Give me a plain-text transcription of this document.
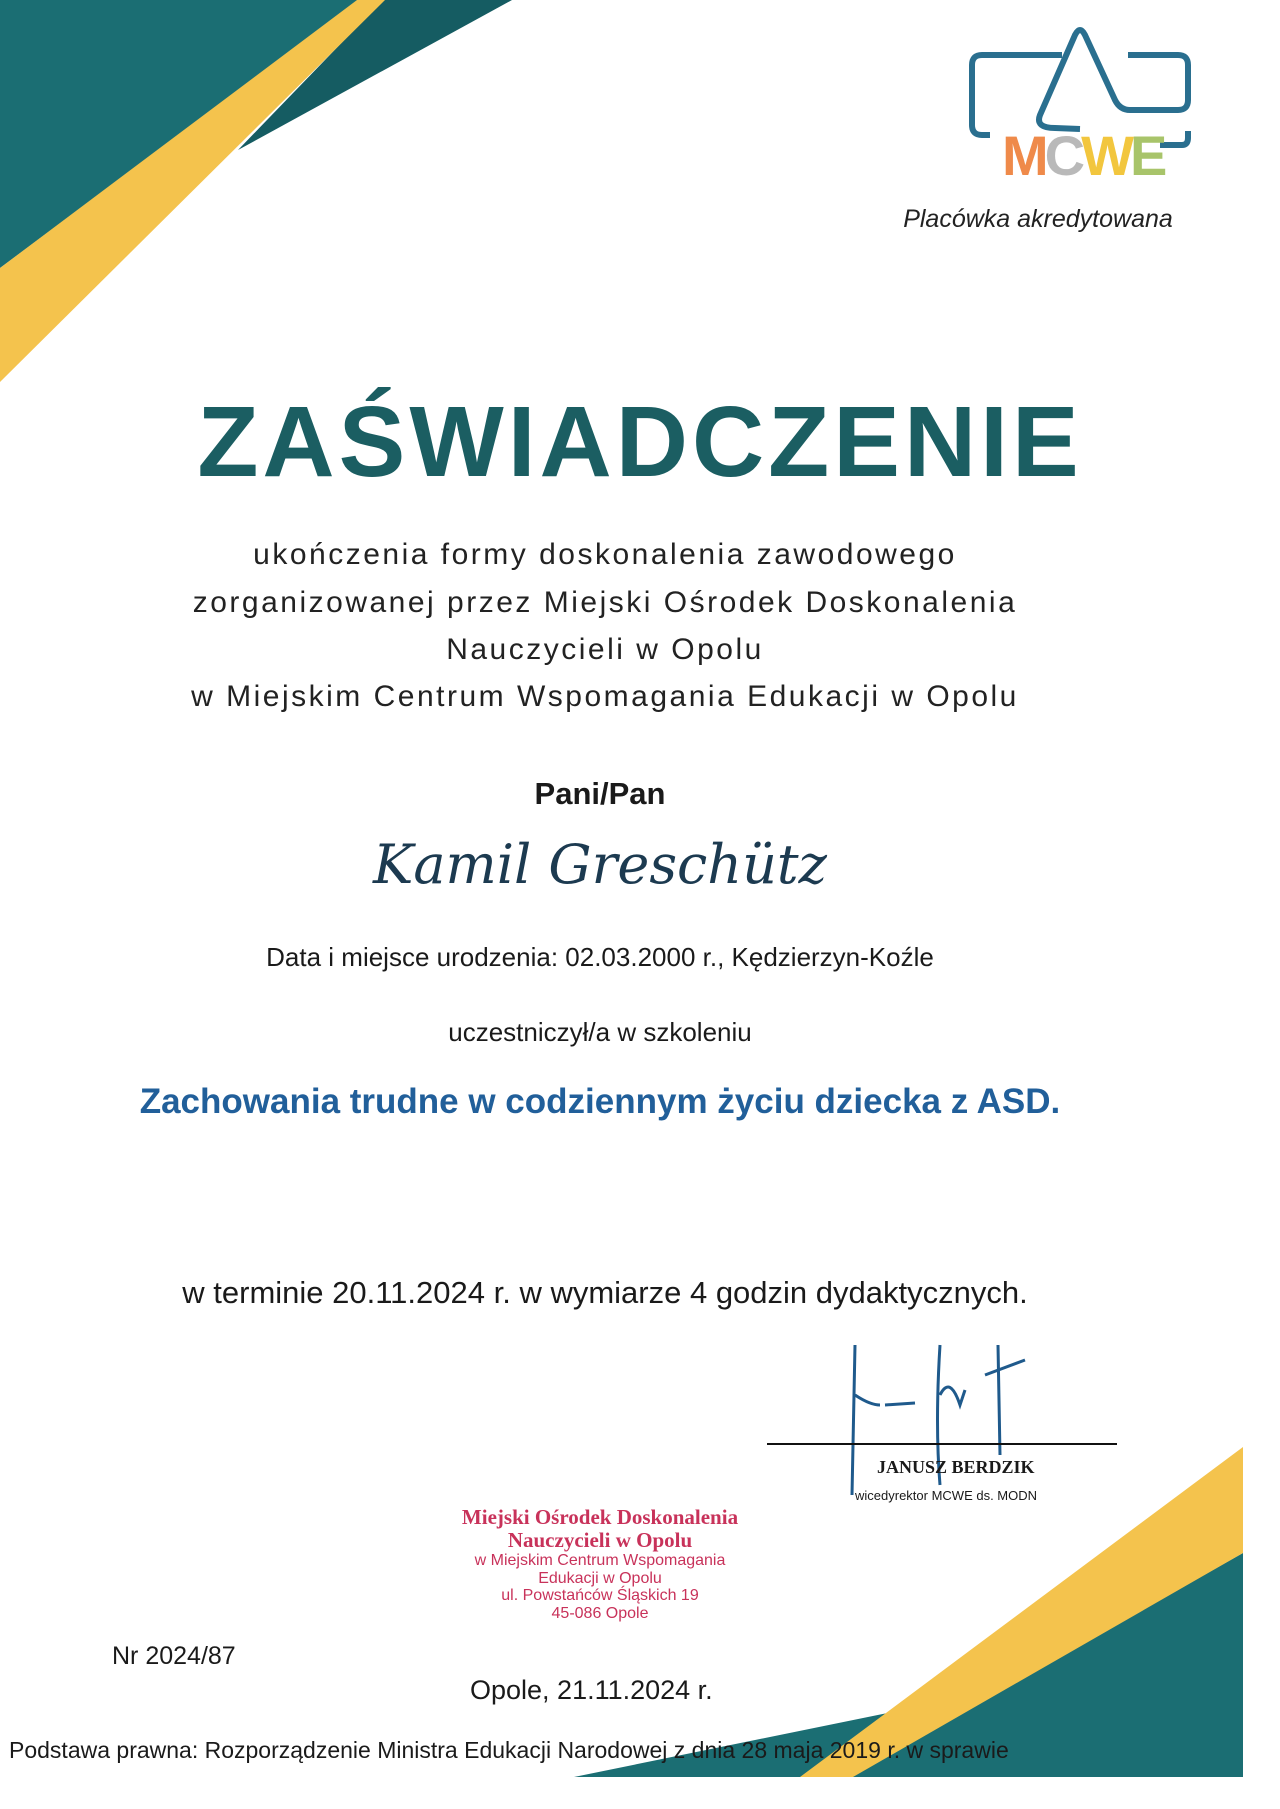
MCWE
Placówka akredytowana
ZAŚWIADCZENIE
ukończenia formy doskonalenia zawodowego
zorganizowanej przez Miejski Ośrodek Doskonalenia
Nauczycieli w Opolu
w Miejskim Centrum Wspomagania Edukacji w Opolu
Pani/Pan
Kamil Greschütz
Data i miejsce urodzenia: 02.03.2000 r., Kędzierzyn-Koźle
uczestniczył/a w szkoleniu
Zachowania trudne w codziennym życiu dziecka z ASD.
w terminie 20.11.2024 r. w wymiarze 4 godzin dydaktycznych.
JANUSZ BERDZIK
wicedyrektor MCWE ds. MODN
Miejski Ośrodek Doskonalenia
Nauczycieli w Opolu
w Miejskim Centrum Wspomagania
Edukacji w Opolu
ul. Powstańców Śląskich 19
45-086 Opole
Nr 2024/87
Opole, 21.11.2024 r.
Podstawa prawna: Rozporządzenie Ministra Edukacji Narodowej z dnia 28 maja 2019 r. w sprawie
